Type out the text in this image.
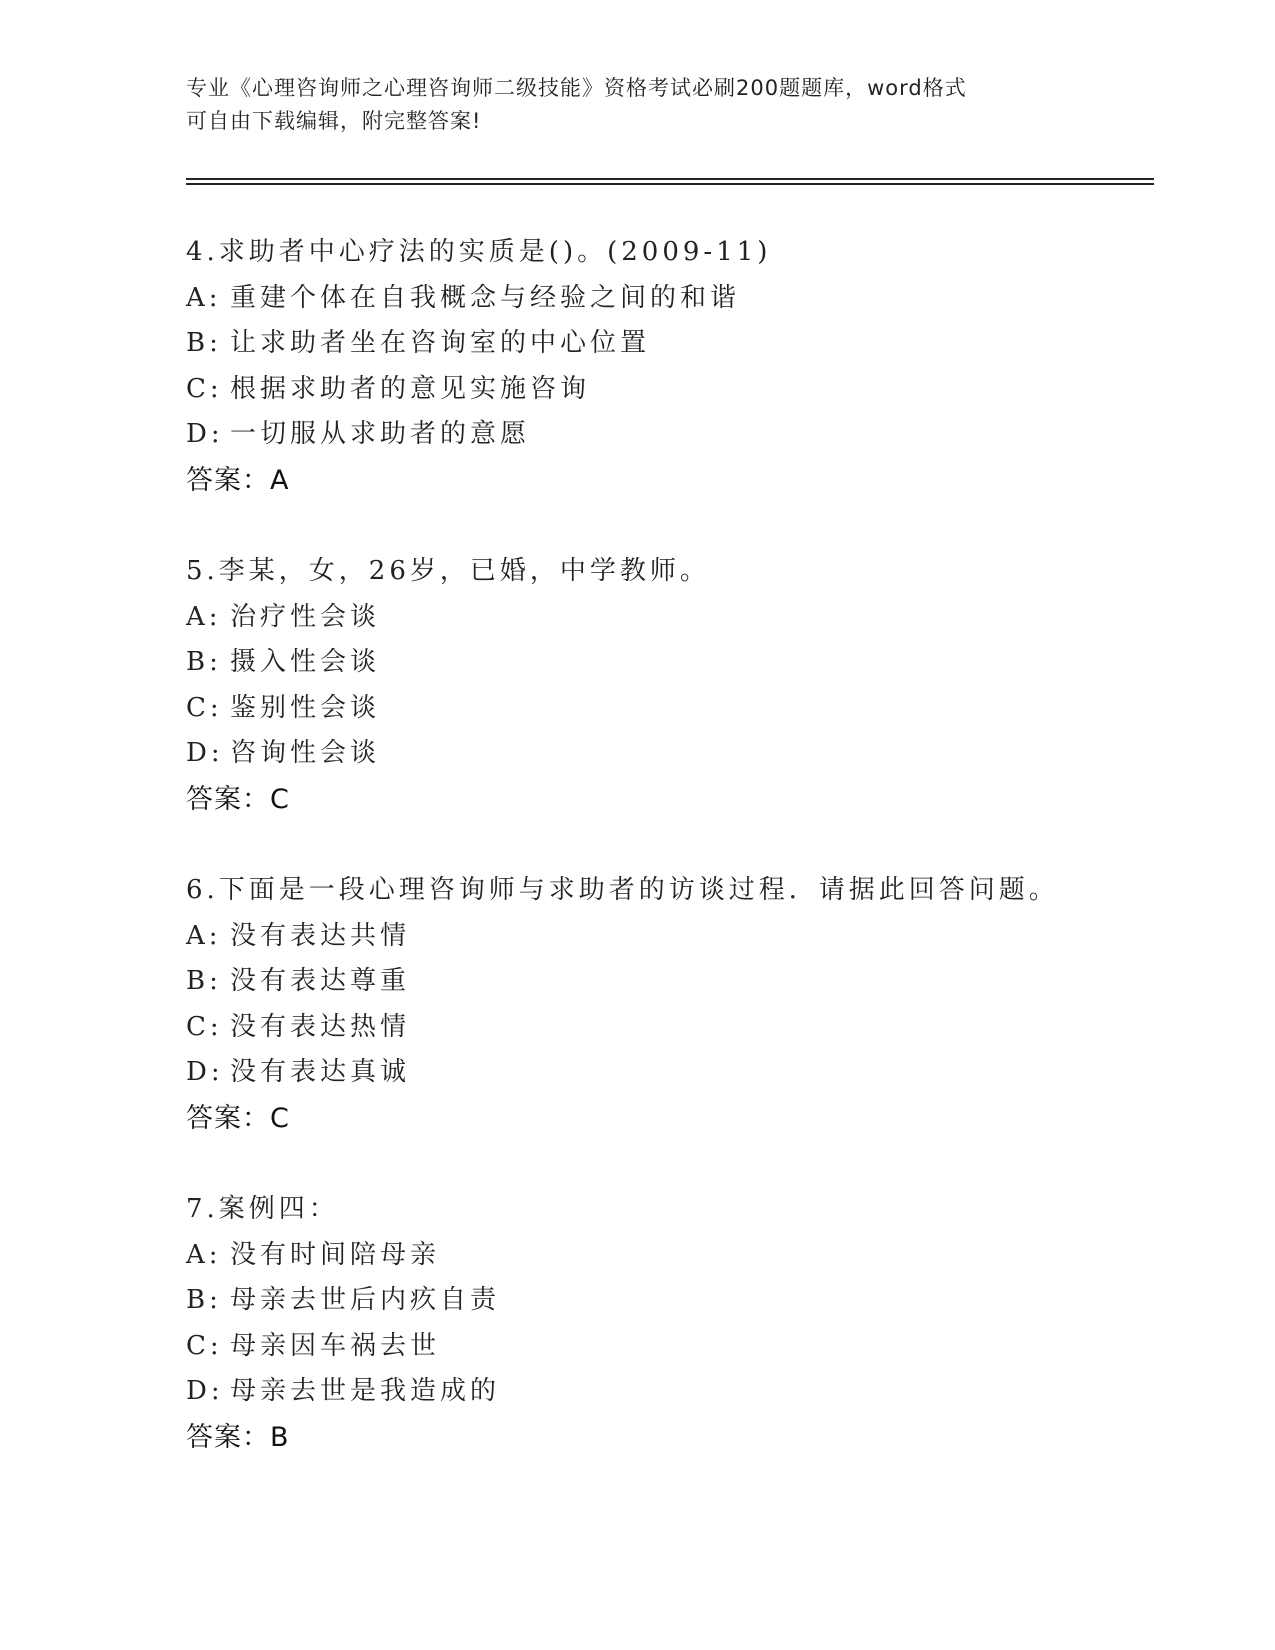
专业《心理咨询师之心理咨询师二级技能》资格考试必刷200题题库，word格式
可自由下载编辑，附完整答案!
4.求助者中心疗法的实质是()。(2009-11)
A: 重建个体在自我概念与经验之间的和谐
B: 让求助者坐在咨询室的中心位置
C: 根据求助者的意见实施咨询
D: 一切服从求助者的意愿
答案：A
5.李某，女，26岁，已婚，中学教师。
A: 治疗性会谈
B: 摄入性会谈
C: 鉴别性会谈
D: 咨询性会谈
答案：C
6.下面是一段心理咨询师与求助者的访谈过程．请据此回答问题。
A: 没有表达共情
B: 没有表达尊重
C: 没有表达热情
D: 没有表达真诚
答案：C
7.案例四：
A: 没有时间陪母亲
B: 母亲去世后内疚自责
C: 母亲因车祸去世
D: 母亲去世是我造成的
答案：B
